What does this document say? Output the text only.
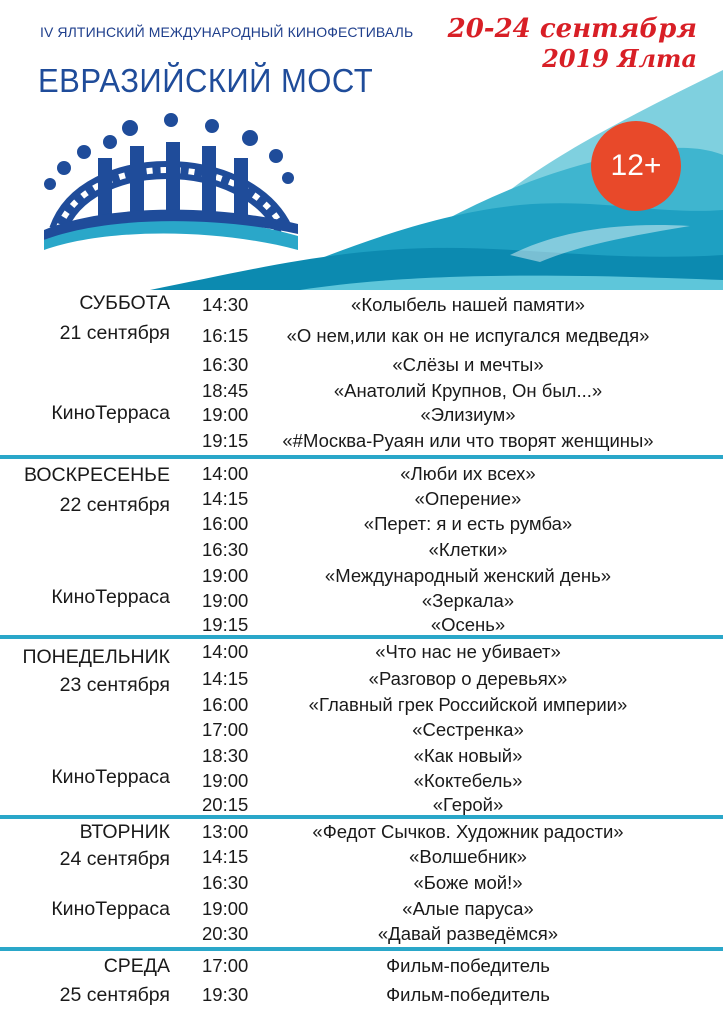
IV ЯЛТИНСКИЙ МЕЖДУНАРОДНЫЙ КИНОФЕСТИВАЛЬ
ЕВРАЗИЙСКИЙ МОСТ
20-24 сентября
2019 Ялта
12+
СУББОТА
21 сентября
КиноТерраса
14:30	«Колыбель нашей памяти»
16:15 «О нем,или как он не испугался медведя»
16:30	«Слёзы и мечты»
18:45	«Анатолий Крупнов, Он был...»
19:00	«Элизиум»
19:15 «#Москва-Руаян или что творят женщины»
ВОСКРЕСЕНЬЕ
22 сентября
КиноТерраса
14:00	«Люби их всех»
14:15	«Оперение»
16:00	«Перет: я и есть румба»
16:30	«Клетки»
19:00	«Международный женский день»
19:00	«Зеркала»
19:15	«Осень»
ПОНЕДЕЛЬНИК
23 сентября
КиноТерраса
14:00	«Что нас не убивает»
14:15	«Разговор о деревьях»
16:00	«Главный грек Российской империи»
17:00	«Сестренка»
18:30	«Как новый»
19:00	«Коктебель»
20:15	«Герой»
ВТОРНИК
24 сентября
КиноТерраса
13:00	«Федот Сычков. Художник радости»
14:15	«Волшебник»
16:30	«Боже мой!»
19:00	«Алые паруса»
20:30	«Давай разведёмся»
СРЕДА
25 сентября
17:00	Фильм-победитель
19:30	Фильм-победитель
